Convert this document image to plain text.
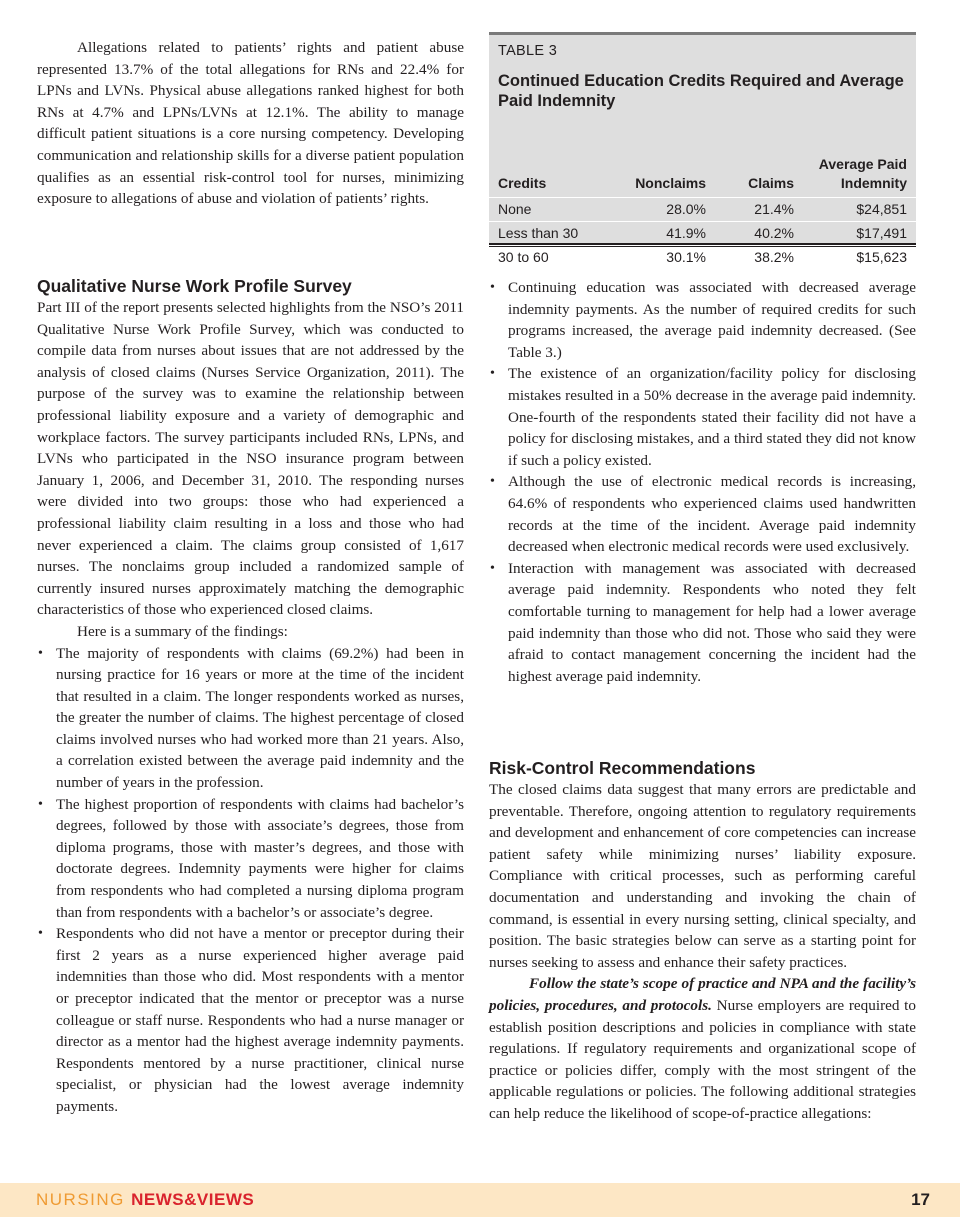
Allegations related to patients’ rights and patient abuse represented 13.7% of the total allegations for RNs and 22.4% for LPNs and LVNs. Physical abuse allegations ranked highest for both RNs at 4.7% and LPNs/LVNs at 12.1%. The ability to manage difficult patient situations is a core nursing competency. Developing communication and relationship skills for a diverse patient population qualifies as an essential risk-control tool for nurses, minimizing exposure to allegations of abuse and violation of patients’ rights.

Qualitative Nurse Work Profile Survey

Part III of the report presents selected highlights from the NSO’s 2011 Qualitative Nurse Work Profile Survey, which was conducted to compile data from nurses about issues that are not addressed by the analysis of closed claims (Nurses Service Organization, 2011). The purpose of the survey was to examine the relationship between professional liability exposure and a variety of demographic and workplace factors. The survey participants included RNs, LPNs, and LVNs who participated in the NSO insurance program between January 1, 2006, and December 31, 2010. The responding nurses were divided into two groups: those who had experienced a professional liability claim resulting in a loss and those who had never experienced a claim. The claims group consisted of 1,617 nurses. The nonclaims group included a randomized sample of currently insured nurses approximately matching the demographic characteristics of those who experienced closed claims.

Here is a summary of the findings:

• The majority of respondents with claims (69.2%) had been in nursing practice for 16 years or more at the time of the incident that resulted in a claim. The longer respondents worked as nurses, the greater the number of claims. The highest percentage of closed claims involved nurses who had worked more than 21 years. Also, a correlation existed between the average paid indemnity and the number of years in the profession.
• The highest proportion of respondents with claims had bachelor’s degrees, followed by those with associate’s degrees, those from diploma programs, those with master’s degrees, and those with doctorate degrees. Indemnity payments were higher for claims from respondents who had completed a nursing diploma program than from respondents with a bachelor’s or associate’s degree.
• Respondents who did not have a mentor or preceptor during their first 2 years as a nurse experienced higher average paid indemnities than those who did. Most respondents with a mentor or preceptor indicated that the mentor or preceptor was a nurse colleague or staff nurse. Respondents who had a nurse manager or director as a mentor had the highest average indemnity payments. Respondents mentored by a nurse practitioner, clinical nurse specialist, or physician had the lowest average indemnity payments.
TABLE 3
Continued Education Credits Required and Average Paid Indemnity
Credits	Nonclaims	Claims	Average Paid
Indemnity
None	28.0%	21.4%	$24,851
Less than 30	41.9%	40.2%	$17,491
30 to 60	30.1%	38.2%	$15,623
• Continuing education was associated with decreased average indemnity payments. As the number of required credits for such programs increased, the average paid indemnity decreased. (See Table 3.)
• The existence of an organization/facility policy for disclosing mistakes resulted in a 50% decrease in the average paid indemnity. One-fourth of the respondents stated their facility did not have a policy for disclosing mistakes, and a third stated they did not know if such a policy existed.
• Although the use of electronic medical records is increasing, 64.6% of respondents who experienced claims used handwritten records at the time of the incident. Average paid indemnity decreased when electronic medical records were used exclusively.
• Interaction with management was associated with decreased average paid indemnity. Respondents who noted they felt comfortable turning to management for help had a lower average paid indemnity than those who did not. Those who said they were afraid to contact management concerning the incident had the highest average paid indemnity.
Risk-Control Recommendations

The closed claims data suggest that many errors are predictable and preventable. Therefore, ongoing attention to regulatory requirements and development and enhancement of core competencies can increase patient safety while minimizing nurses’ liability exposure. Compliance with critical processes, such as performing careful documentation and understanding and invoking the chain of command, is essential in every nursing setting, clinical specialty, and position. The basic strategies below can serve as a starting point for nurses seeking to assess and enhance their safety practices.

Follow the state’s scope of practice and NPA and the facility’s policies, procedures, and protocols. Nurse employers are required to establish position descriptions and policies in compliance with state regulations. If regulatory requirements and organizational scope of practice or policies differ, comply with the most stringent of the applicable regulations or policies. The following additional strategies can help reduce the likelihood of scope-of-practice allegations:

NURSING NEWS&VIEWS	17
